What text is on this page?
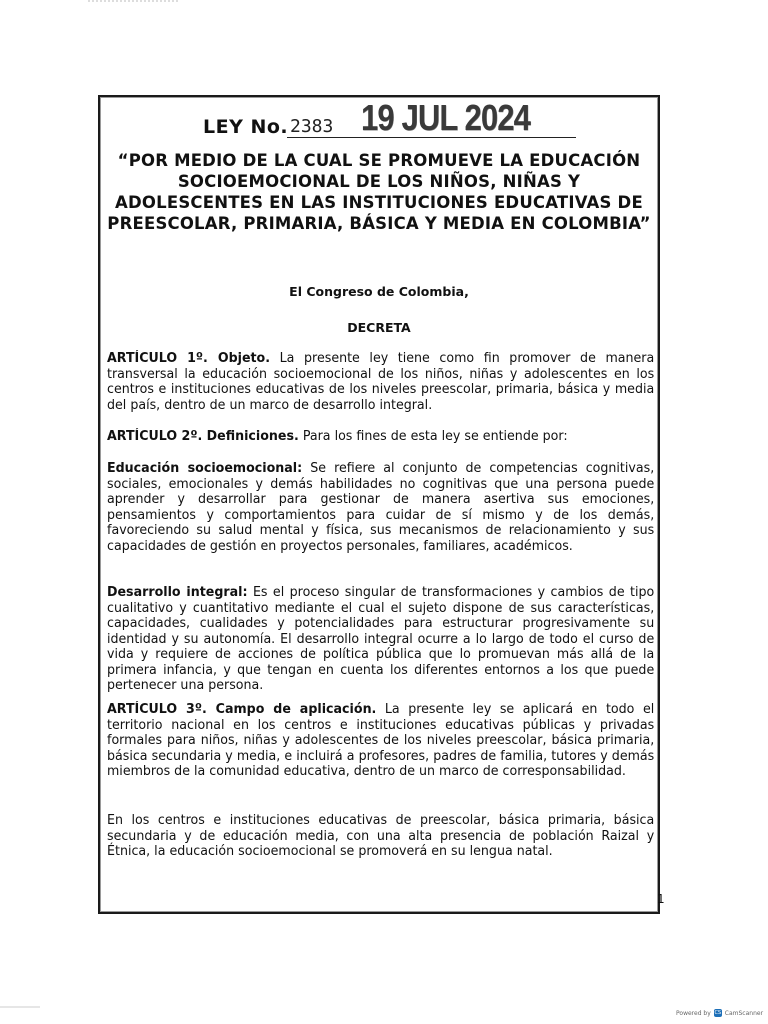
LEY No. 2383 19 JUL 2024
“POR MEDIO DE LA CUAL SE PROMUEVE LA EDUCACIÓN SOCIOEMOCIONAL DE LOS NIÑOS, NIÑAS Y ADOLESCENTES EN LAS INSTITUCIONES EDUCATIVAS DE PREESCOLAR, PRIMARIA, BÁSICA Y MEDIA EN COLOMBIA”
El Congreso de Colombia,
DECRETA
ARTÍCULO 1º. Objeto. La presente ley tiene como fin promover de manera transversal la educación socioemocional de los niños, niñas y adolescentes en los centros e instituciones educativas de los niveles preescolar, primaria, básica y media del país, dentro de un marco de desarrollo integral.
ARTÍCULO 2º. Definiciones. Para los fines de esta ley se entiende por:
Educación socioemocional: Se refiere al conjunto de competencias cognitivas, sociales, emocionales y demás habilidades no cognitivas que una persona puede aprender y desarrollar para gestionar de manera asertiva sus emociones, pensamientos y comportamientos para cuidar de sí mismo y de los demás, favoreciendo su salud mental y física, sus mecanismos de relacionamiento y sus capacidades de gestión en proyectos personales, familiares, académicos.
Desarrollo integral: Es el proceso singular de transformaciones y cambios de tipo cualitativo y cuantitativo mediante el cual el sujeto dispone de sus características, capacidades, cualidades y potencialidades para estructurar progresivamente su identidad y su autonomía. El desarrollo integral ocurre a lo largo de todo el curso de vida y requiere de acciones de política pública que lo promuevan más allá de la primera infancia, y que tengan en cuenta los diferentes entornos a los que puede pertenecer una persona.
ARTÍCULO 3º. Campo de aplicación. La presente ley se aplicará en todo el territorio nacional en los centros e instituciones educativas públicas y privadas formales para niños, niñas y adolescentes de los niveles preescolar, básica primaria, básica secundaria y media, e incluirá a profesores, padres de familia, tutores y demás miembros de la comunidad educativa, dentro de un marco de corresponsabilidad.
En los centros e instituciones educativas de preescolar, básica primaria, básica secundaria y de educación media, con una alta presencia de población Raizal y Étnica, la educación socioemocional se promoverá en su lengua natal.
1
Powered by CS CamScanner
